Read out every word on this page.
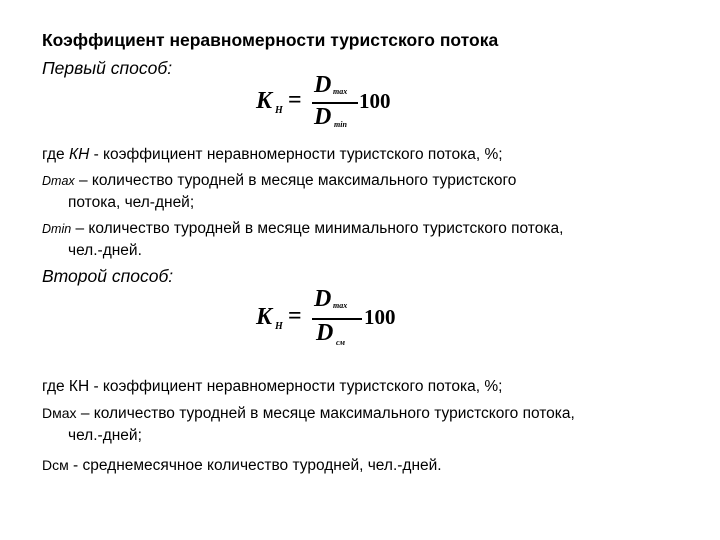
Коэффициент неравномерности туристского потока
Первый способ:
K H =
D max
D min
100
где КН - коэффициент неравномерности туристского потока, %;
Dmax – количество туродней в месяце максимального туристского
потока, чел-дней;
Dmin – количество туродней в месяце минимального туристского потока,
чел.-дней.
Второй способ:
K H =
D max
D см
100
где КН - коэффициент неравномерности туристского потока, %;
Dмах – количество туродней в месяце максимального туристского потока,
чел.-дней;
Dсм - среднемесячное количество туродней, чел.-дней.
